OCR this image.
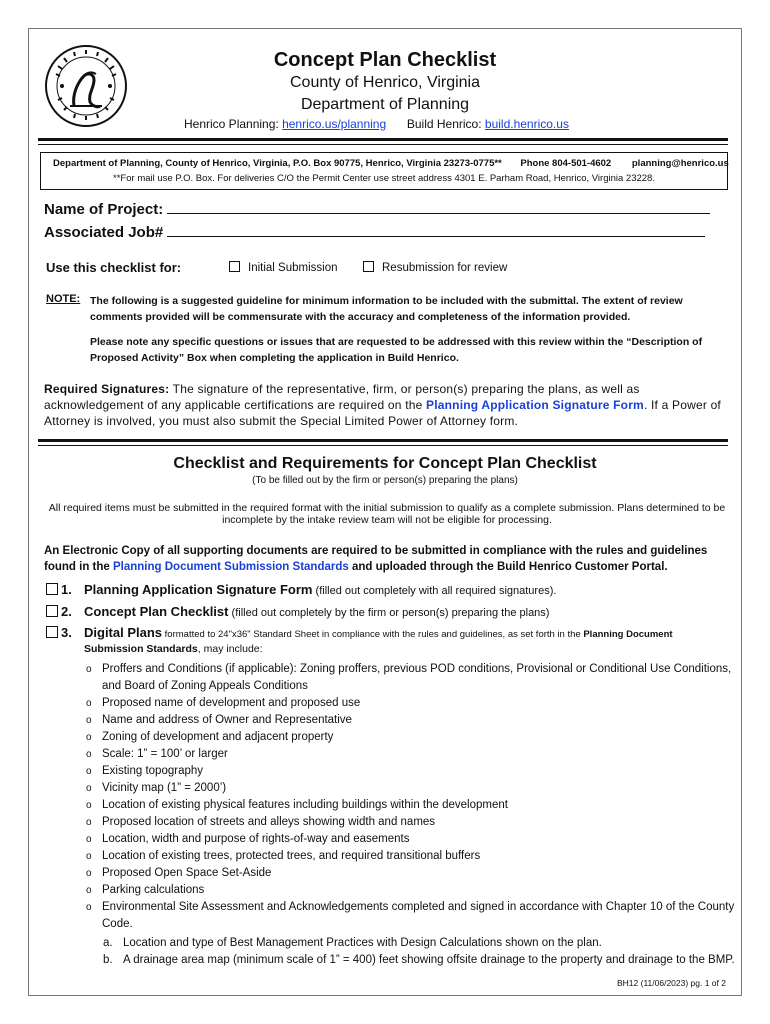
Concept Plan Checklist
County of Henrico, Virginia
Department of Planning
Henrico Planning: henrico.us/planning Build Henrico: build.henrico.us
Department of Planning, County of Henrico, Virginia, P.O. Box 90775, Henrico, Virginia 23273-0775** Phone 804-501-4602 planning@henrico.us
**For mail use P.O. Box. For deliveries C/O the Permit Center use street address 4301 E. Parham Road, Henrico, Virginia 23228.
Name of Project:
Associated Job#
Use this checklist for:	Initial Submission	Resubmission for review
NOTE: The following is a suggested guideline for minimum information to be included with the submittal. The extent of review comments provided will be commensurate with the accuracy and completeness of the information provided.
Please note any specific questions or issues that are requested to be addressed with this review within the “Description of Proposed Activity” Box when completing the application in Build Henrico.
Required Signatures: The signature of the representative, firm, or person(s) preparing the plans, as well as acknowledgement of any applicable certifications are required on the Planning Application Signature Form. If a Power of Attorney is involved, you must also submit the Special Limited Power of Attorney form.
Checklist and Requirements for Concept Plan Checklist
(To be filled out by the firm or person(s) preparing the plans)
All required items must be submitted in the required format with the initial submission to qualify as a complete submission. Plans determined to be incomplete by the intake review team will not be eligible for processing.
An Electronic Copy of all supporting documents are required to be submitted in compliance with the rules and guidelines found in the Planning Document Submission Standards and uploaded through the Build Henrico Customer Portal.
1. Planning Application Signature Form (filled out completely with all required signatures).
2. Concept Plan Checklist (filled out completely by the firm or person(s) preparing the plans)
3. Digital Plans formatted to 24"x36" Standard Sheet in compliance with the rules and guidelines, as set forth in the Planning Document
Submission Standards, may include:
o Proffers and Conditions (if applicable): Zoning proffers, previous POD conditions, Provisional or Conditional Use Conditions, and Board of Zoning Appeals Conditions
o Proposed name of development and proposed use
o Name and address of Owner and Representative
o Zoning of development and adjacent property
o Scale: 1” = 100’ or larger
o Existing topography
o Vicinity map (1” = 2000’)
o Location of existing physical features including buildings within the development
o Proposed location of streets and alleys showing width and names
o Location, width and purpose of rights-of-way and easements
o Location of existing trees, protected trees, and required transitional buffers
o Proposed Open Space Set-Aside
o Parking calculations
o Environmental Site Assessment and Acknowledgements completed and signed in accordance with Chapter 10 of the County Code.
a. Location and type of Best Management Practices with Design Calculations shown on the plan.
b. A drainage area map (minimum scale of 1” = 400) feet showing offsite drainage to the property and drainage to the BMP.
BH12 (11/06/2023) pg. 1 of 2
